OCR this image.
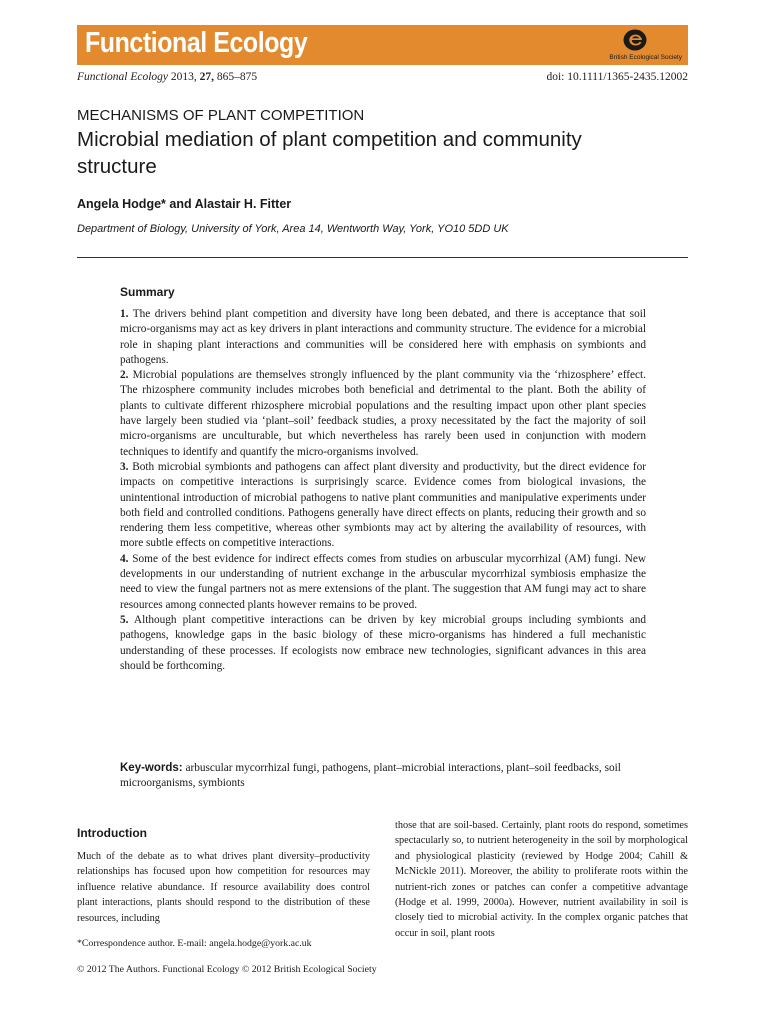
Functional Ecology	British Ecological Society
Functional Ecology 2013, 27, 865–875	doi: 10.1111/1365-2435.12002
MECHANISMS OF PLANT COMPETITION
Microbial mediation of plant competition and community structure
Angela Hodge* and Alastair H. Fitter
Department of Biology, University of York, Area 14, Wentworth Way, York, YO10 5DD UK
Summary

1. The drivers behind plant competition and diversity have long been debated, and there is acceptance that soil micro-organisms may act as key drivers in plant interactions and community structure. The evidence for a microbial role in shaping plant interactions and communities will be considered here with emphasis on symbionts and pathogens.

2. Microbial populations are themselves strongly influenced by the plant community via the ‘rhizosphere’ effect. The rhizosphere community includes microbes both beneficial and detrimental to the plant. Both the ability of plants to cultivate different rhizosphere microbial populations and the resulting impact upon other plant species have largely been studied via ‘plant–soil’ feedback studies, a proxy necessitated by the fact the majority of soil micro-organisms are unculturable, but which nevertheless has rarely been used in conjunction with modern techniques to identify and quantify the micro-organisms involved.

3. Both microbial symbionts and pathogens can affect plant diversity and productivity, but the direct evidence for impacts on competitive interactions is surprisingly scarce. Evidence comes from biological invasions, the unintentional introduction of microbial pathogens to native plant communities and manipulative experiments under both field and controlled conditions. Pathogens generally have direct effects on plants, reducing their growth and so rendering them less competitive, whereas other symbionts may act by altering the availability of resources, with more subtle effects on competitive interactions.

4. Some of the best evidence for indirect effects comes from studies on arbuscular mycorrhizal (AM) fungi. New developments in our understanding of nutrient exchange in the arbuscular mycorrhizal symbiosis emphasize the need to view the fungal partners not as mere extensions of the plant. The suggestion that AM fungi may act to share resources among connected plants however remains to be proved.

5. Although plant competitive interactions can be driven by key microbial groups including symbionts and pathogens, knowledge gaps in the basic biology of these micro-organisms has hindered a full mechanistic understanding of these processes. If ecologists now embrace new technologies, significant advances in this area should be forthcoming.

Key-words: arbuscular mycorrhizal fungi, pathogens, plant–microbial interactions, plant–soil feedbacks, soil microorganisms, symbionts
Introduction

Much of the debate as to what drives plant diversity–productivity relationships has focused upon how competition for resources may influence relative abundance. If resource availability does control plant interactions, plants should respond to the distribution of these resources, including

those that are soil-based. Certainly, plant roots do respond, sometimes spectacularly so, to nutrient heterogeneity in the soil by morphological and physiological plasticity (reviewed by Hodge 2004; Cahill & McNickle 2011). Moreover, the ability to proliferate roots within the nutrient-rich zones or patches can confer a competitive advantage (Hodge et al. 1999, 2000a). However, nutrient availability in soil is closely tied to microbial activity. In the complex organic patches that occur in soil, plant roots

*Correspondence author. E-mail: angela.hodge@york.ac.uk
© 2012 The Authors. Functional Ecology © 2012 British Ecological Society
